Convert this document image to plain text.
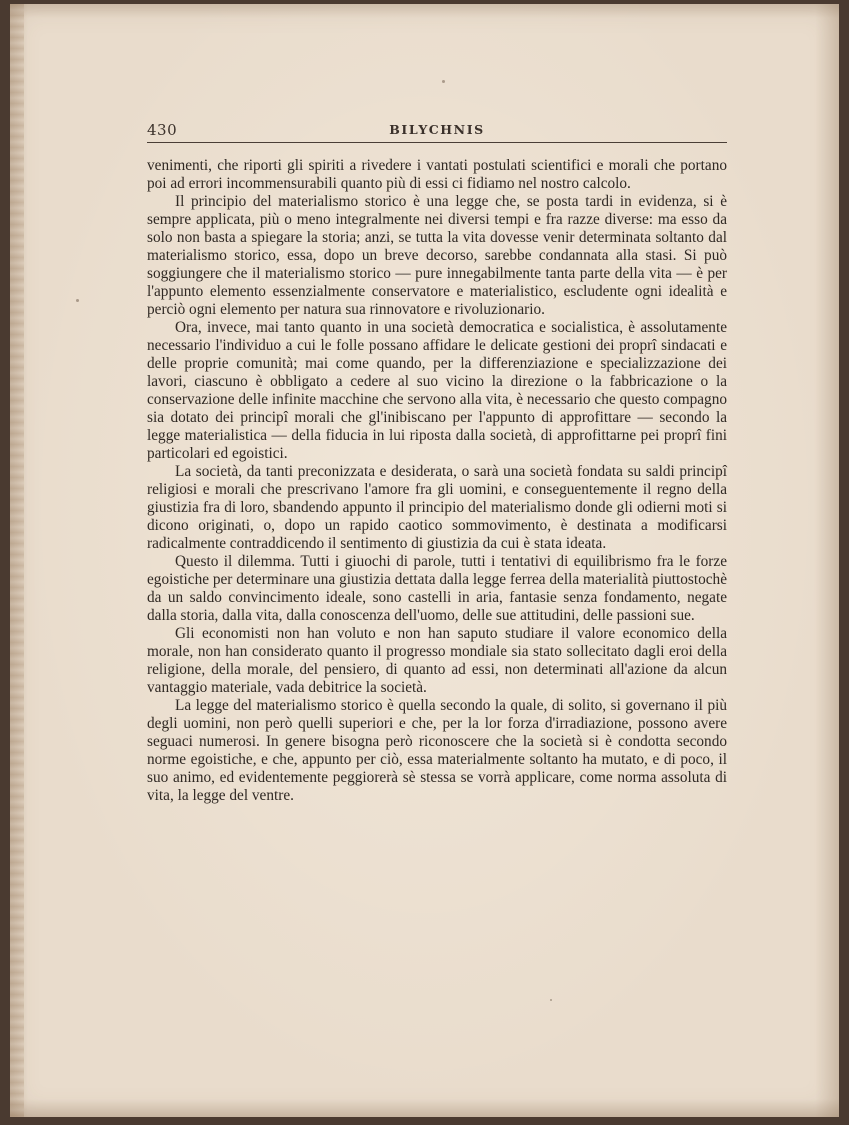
430	BILYCHNIS

venimenti, che riporti gli spiriti a rivedere i vantati postulati scientifici e morali che portano poi ad errori incommensurabili quanto più di essi ci fidiamo nel nostro calcolo.

Il principio del materialismo storico è una legge che, se posta tardi in evidenza, si è sempre applicata, più o meno integralmente nei diversi tempi e fra razze diverse: ma esso da solo non basta a spiegare la storia; anzi, se tutta la vita dovesse venir determinata soltanto dal materialismo storico, essa, dopo un breve decorso, sarebbe condannata alla stasi. Si può soggiungere che il materialismo storico — pure innegabilmente tanta parte della vita — è per l'appunto elemento essenzialmente conservatore e materialistico, escludente ogni idealità e perciò ogni elemento per natura sua rinnovatore e rivoluzionario.

Ora, invece, mai tanto quanto in una società democratica e socialistica, è assolutamente necessario l'individuo a cui le folle possano affidare le delicate gestioni dei proprî sindacati e delle proprie comunità; mai come quando, per la differenziazione e specializzazione dei lavori, ciascuno è obbligato a cedere al suo vicino la direzione o la fabbricazione o la conservazione delle infinite macchine che servono alla vita, è necessario che questo compagno sia dotato dei principî morali che gl'inibiscano per l'appunto di approfittare — secondo la legge materialistica — della fiducia in lui riposta dalla società, di approfittarne pei proprî fini particolari ed egoistici.

La società, da tanti preconizzata e desiderata, o sarà una società fondata su saldi principî religiosi e morali che prescrivano l'amore fra gli uomini, e conseguentemente il regno della giustizia fra di loro, sbandendo appunto il principio del materialismo donde gli odierni moti si dicono originati, o, dopo un rapido caotico sommovimento, è destinata a modificarsi radicalmente contraddicendo il sentimento di giustizia da cui è stata ideata.

Questo il dilemma. Tutti i giuochi di parole, tutti i tentativi di equilibrismo fra le forze egoistiche per determinare una giustizia dettata dalla legge ferrea della materialità piuttostochè da un saldo convincimento ideale, sono castelli in aria, fantasie senza fondamento, negate dalla storia, dalla vita, dalla conoscenza dell'uomo, delle sue attitudini, delle passioni sue.

Gli economisti non han voluto e non han saputo studiare il valore economico della morale, non han considerato quanto il progresso mondiale sia stato sollecitato dagli eroi della religione, della morale, del pensiero, di quanto ad essi, non determinati all'azione da alcun vantaggio materiale, vada debitrice la società.

La legge del materialismo storico è quella secondo la quale, di solito, si governano il più degli uomini, non però quelli superiori e che, per la lor forza d'irradiazione, possono avere seguaci numerosi. In genere bisogna però riconoscere che la società si è condotta secondo norme egoistiche, e che, appunto per ciò, essa materialmente soltanto ha mutato, e di poco, il suo animo, ed evidentemente peggiorerà sè stessa se vorrà applicare, come norma assoluta di vita, la legge del ventre.
